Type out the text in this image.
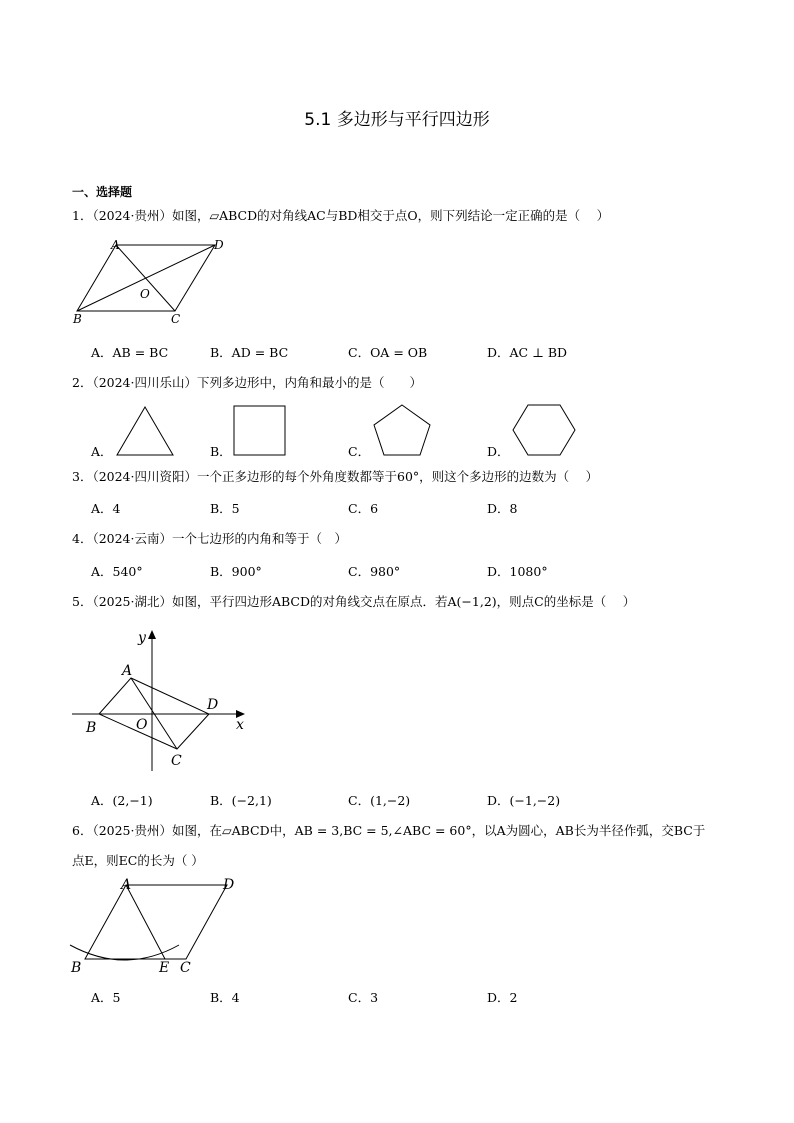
5.1 多边形与平行四边形
一、选择题
1．（2024·贵州）如图，▱ABCD的对角线AC与BD相交于点O，则下列结论一定正确的是（　 ）
A	D
O
B	C
A．AB = BC	B．AD = BC	C．OA = OB	D．AC ⊥ BD
2．（2024·四川乐山）下列多边形中，内角和最小的是（　　）
A．	B．	C．	D．
3．（2024·四川资阳）一个正多边形的每个外角度数都等于60°，则这个多边形的边数为（　 ）
A．4	B．5	C．6	D．8
4．（2024·云南）一个七边形的内角和等于（　）
A．540°	B．900°	C．980°	D．1080°
5．（2025·湖北）如图，平行四边形ABCD的对角线交点在原点．若A(−1,2)，则点C的坐标是（　 ）
y
A
B	O
D
x
C
A．(2,−1)	B．(−2,1)	C．(1,−2)	D．(−1,−2)
6．（2025·贵州）如图，在▱ABCD中，AB = 3,BC = 5,∠ABC = 60°，以A为圆心，AB长为半径作弧，交BC于
点E，则EC的长为（ ）
A	D
B	E C
A．5	B．4	C．3	D．2
